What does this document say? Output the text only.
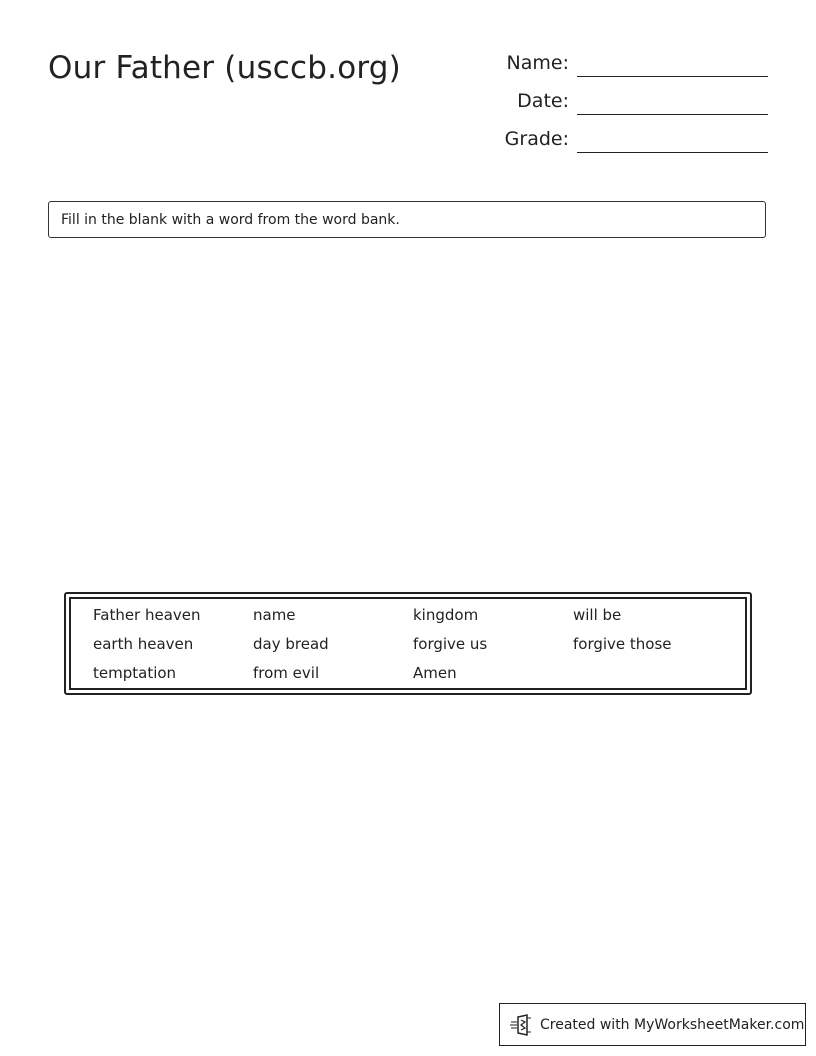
Our Father (usccb.org)	Name:
Date:
Grade:
Fill in the blank with a word from the word bank.
Father heaven	name	kingdom	will be
earth heaven	day bread	forgive us	forgive those
temptation	from evil	Amen
Created with MyWorksheetMaker.com
